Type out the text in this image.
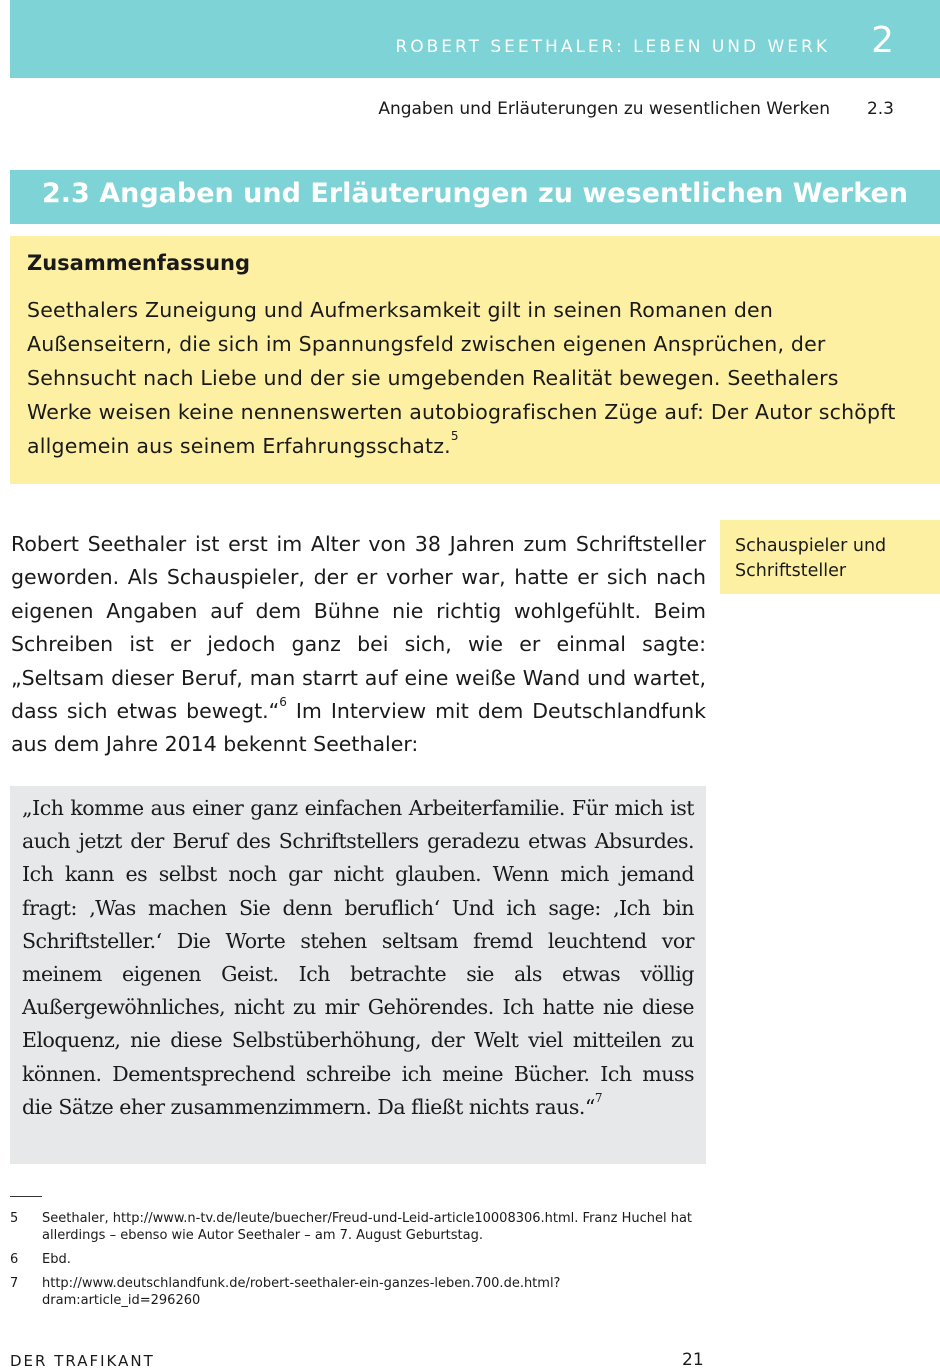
ROBERT SEETHALER: LEBEN UND WERK 2
Angaben und Erläuterungen zu wesentlichen Werken 2.3
2.3 Angaben und Erläuterungen zu wesentlichen Werken
Zusammenfassung
Seethalers Zuneigung und Aufmerksamkeit gilt in seinen Romanen den Außenseitern, die sich im Spannungsfeld zwischen eigenen Ansprüchen, der Sehnsucht nach Liebe und der sie umgebenden Realität bewegen. Seethalers Werke weisen keine nennenswerten autobiografischen Züge auf: Der Autor schöpft allgemein aus seinem Erfahrungsschatz.$^5$
Robert Seethaler ist erst im Alter von 38 Jahren zum Schriftsteller geworden. Als Schauspieler, der er vorher war, hatte er sich nach eigenen Angaben auf dem Bühne nie richtig wohlgefühlt. Beim Schreiben ist er jedoch ganz bei sich, wie er einmal sagte: „Seltsam dieser Beruf, man starrt auf eine weiße Wand und wartet, dass sich etwas bewegt.“$^6$ Im Interview mit dem Deutschlandfunk aus dem Jahre 2014 bekennt Seethaler:
Schauspieler und Schriftsteller
„Ich komme aus einer ganz einfachen Arbeiterfamilie. Für mich ist auch jetzt der Beruf des Schriftstellers geradezu etwas Absurdes. Ich kann es selbst noch gar nicht glauben. Wenn mich jemand fragt: ‚Was machen Sie denn beruflich‘ Und ich sage: ‚Ich bin Schriftsteller.‘ Die Worte stehen seltsam fremd leuchtend vor meinem eigenen Geist. Ich betrachte sie als etwas völlig Außergewöhnliches, nicht zu mir Gehörendes. Ich hatte nie diese Eloquenz, nie diese Selbstüberhöhung, der Welt viel mitteilen zu können. Dementsprechend schreibe ich meine Bücher. Ich muss die Sätze eher zusammenzimmern. Da fließt nichts raus.“$^7$
5 Seethaler, http://www.n-tv.de/leute/buecher/Freud-und-Leid-article10008306.html. Franz Huchel hat allerdings – ebenso wie Autor Seethaler – am 7. August Geburtstag.
6 Ebd.
7 http://www.deutschlandfunk.de/robert-seethaler-ein-ganzes-leben.700.de.html?dram:article_id=296260
DER TRAFIKANT	21
